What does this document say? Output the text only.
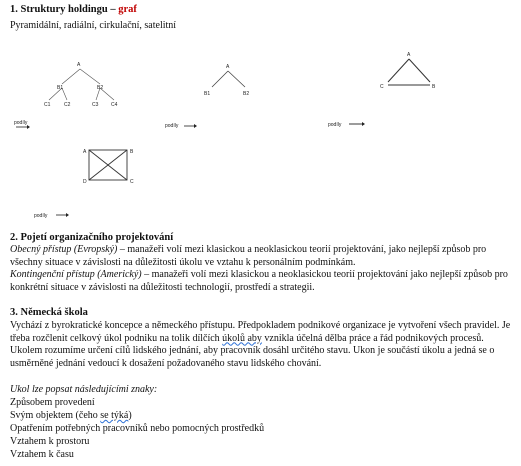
1. Struktury holdingu – graf
Pyramidální, radiální, cirkulační, satelitní
A
B1	B2
C1	C2	C3	C4
A
B1	B2
A
B
C
A	B
D	C
podíly	podíly	podíly
podíly
2. Pojetí organizačního projektování
Obecný přístup (Evropský) – manažeři volí mezi klasickou a neoklasickou teorií projektování, jako nejlepší způsob pro všechny situace v závislosti na důležitosti úkolu ve vztahu k personálním podmínkám.
Kontingenční přístup (Americký) – manažeři volí mezi klasickou a neoklasickou teorií projektování jako nejlepší způsob pro konkrétní situace v závislosti na důležitosti technologií, prostředí a strategii.
3. Německá škola
Vychází z byrokratické koncepce a německého přístupu. Předpokladem podnikové organizace je vytvoření všech pravidel. Je třeba rozčlenit celkový úkol podniku na tolik dílčích úkolů aby vznikla účelná dělba práce a řád podnikových procesů. Ukolem rozumíme určení cílů lidského jednání, aby pracovník dosáhl určitého stavu. Ukon je součástí úkolu a jedná se o usměrněné jednání vedoucí k dosažení požadovaného stavu lidského chování.
Ukol lze popsat následujícími znaky:
Způsobem provedení
Svým objektem (čeho se týká)
Opatřením potřebných pracovníků nebo pomocných prostředků
Vztahem k prostoru
Vztahem k času
